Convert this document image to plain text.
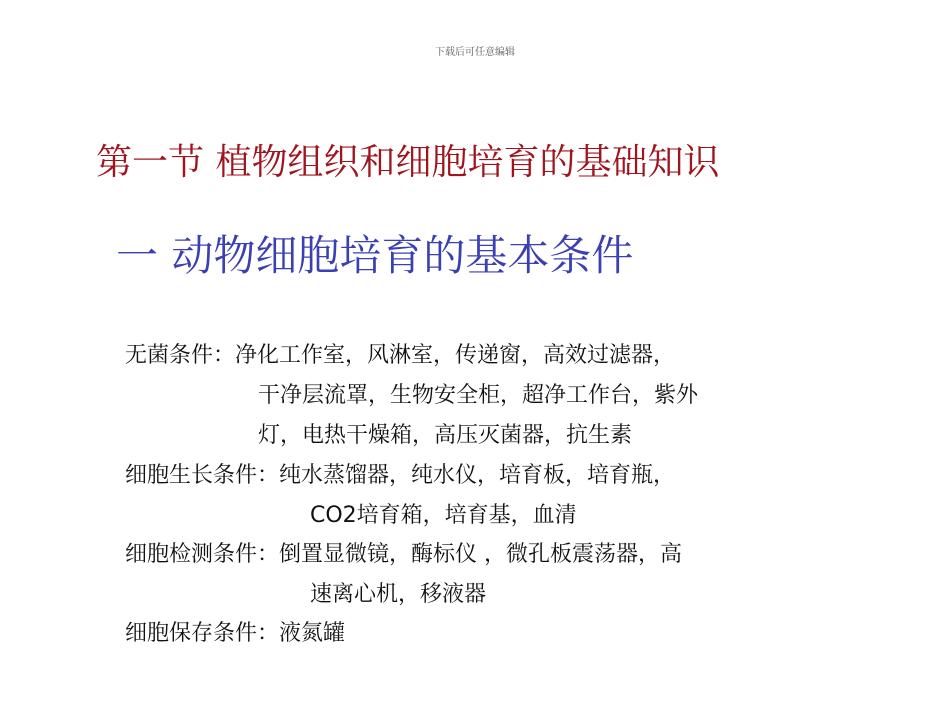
下载后可任意编辑
第一节 植物组织和细胞培育的基础知识
一 动物细胞培育的基本条件
无菌条件：净化工作室，风淋室，传递窗，高效过滤器，
干净层流罩，生物安全柜，超净工作台，紫外
灯，电热干燥箱，高压灭菌器，抗生素
细胞生长条件：纯水蒸馏器，纯水仪，培育板，培育瓶，
CO2培育箱，培育基，血清
细胞检测条件：倒置显微镜，酶标仪 ，微孔板震荡器，高
速离心机，移液器
细胞保存条件：液氮罐
